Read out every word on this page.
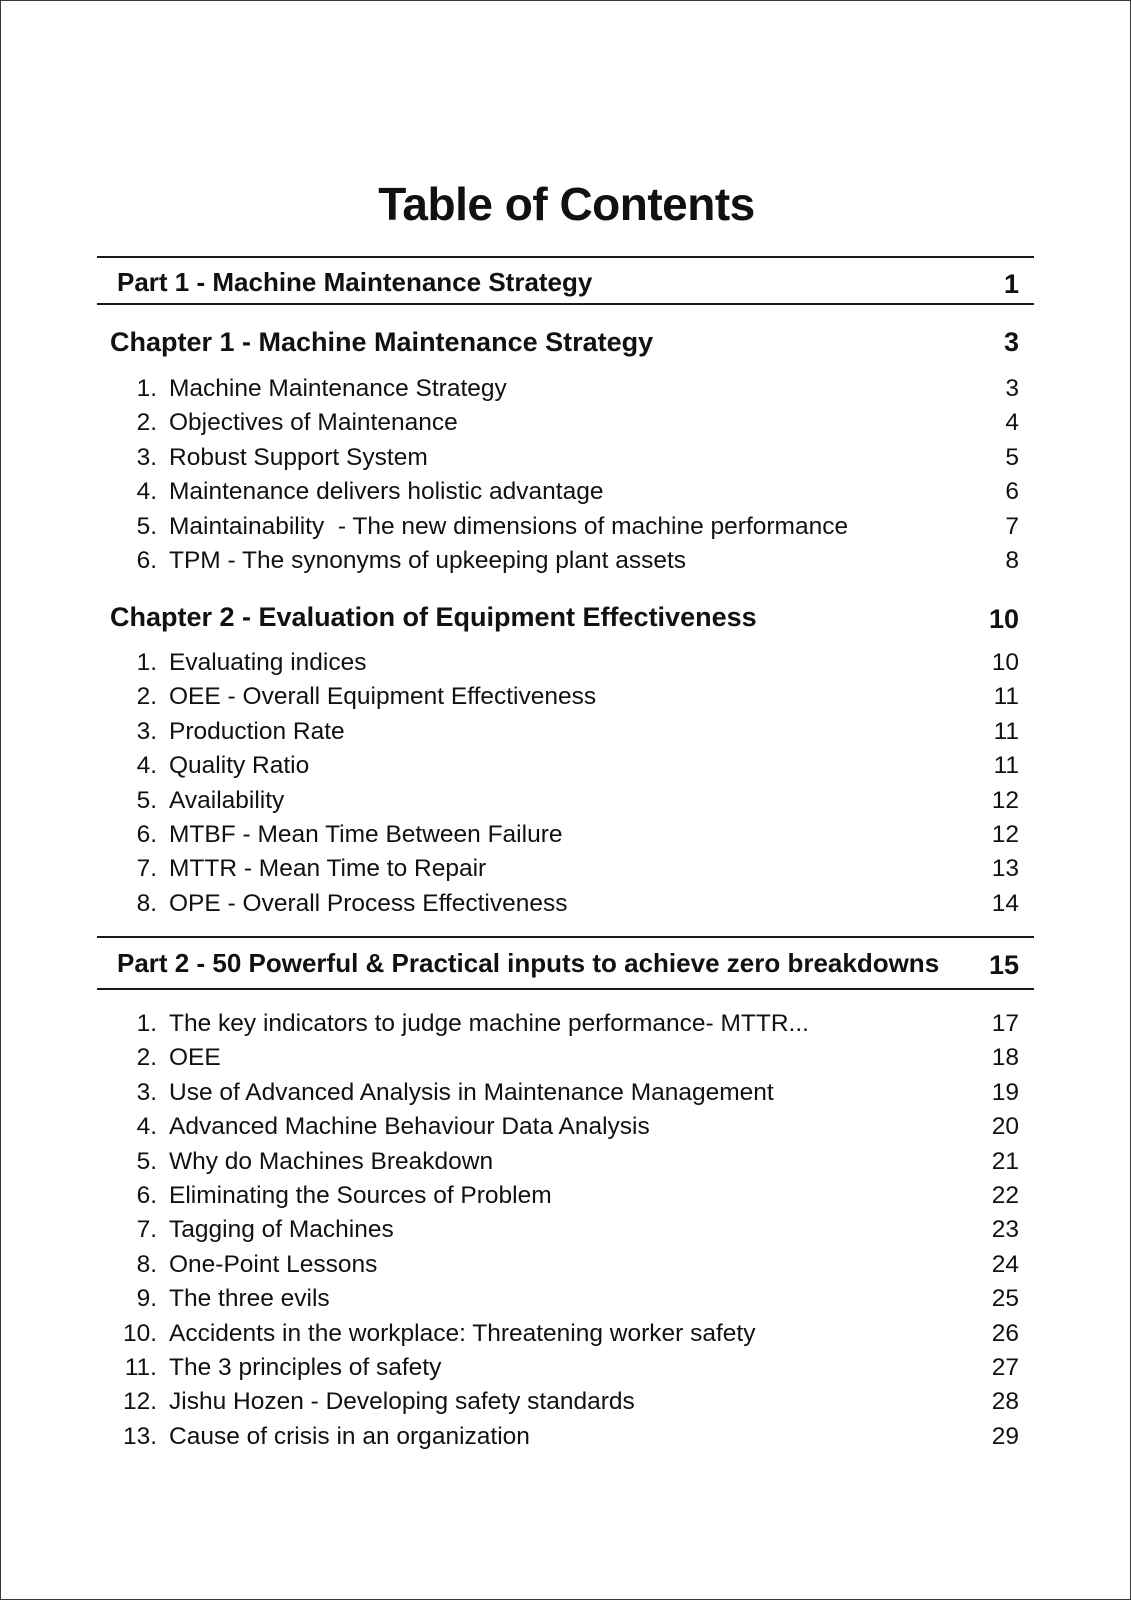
Table of Contents
Part 1 - Machine Maintenance Strategy	1
Chapter 1 - Machine Maintenance Strategy	3
1. Machine Maintenance Strategy	3
2. Objectives of Maintenance	4
3. Robust Support System	5
4. Maintenance delivers holistic advantage	6
5. Maintainability  - The new dimensions of machine performance	7
6. TPM - The synonyms of upkeeping plant assets	8
Chapter 2 - Evaluation of Equipment Effectiveness	10
1. Evaluating indices	10
2. OEE - Overall Equipment Effectiveness	11
3. Production Rate	11
4. Quality Ratio	11
5. Availability	12
6. MTBF - Mean Time Between Failure	12
7. MTTR - Mean Time to Repair	13
8. OPE - Overall Process Effectiveness	14
Part 2 - 50 Powerful & Practical inputs to achieve zero breakdowns 15
1. The key indicators to judge machine performance- MTTR...	17
2. OEE	18
3. Use of Advanced Analysis in Maintenance Management	19
4. Advanced Machine Behaviour Data Analysis	20
5. Why do Machines Breakdown	21
6. Eliminating the Sources of Problem	22
7. Tagging of Machines	23
8. One-Point Lessons	24
9. The three evils	25
10. Accidents in the workplace: Threatening worker safety	26
11. The 3 principles of safety	27
12. Jishu Hozen - Developing safety standards	28
13. Cause of crisis in an organization	29
